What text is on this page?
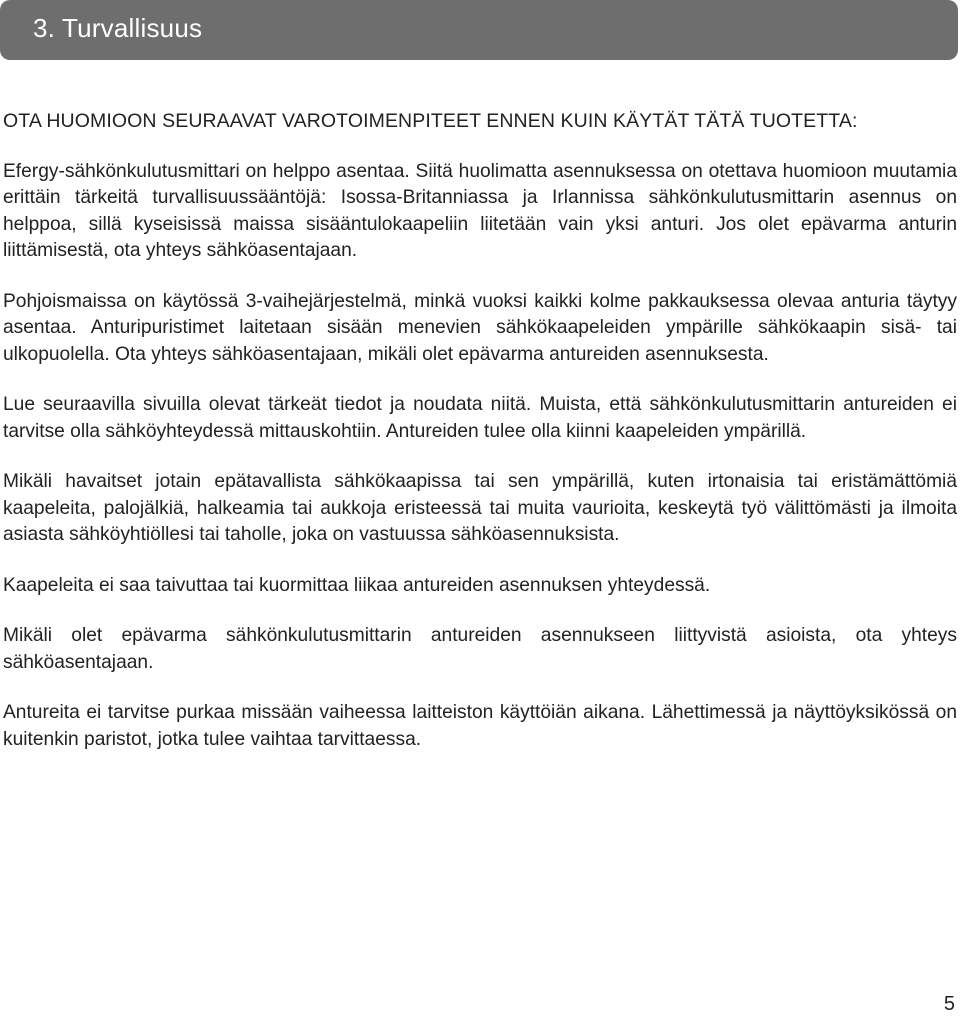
3. Turvallisuus
OTA HUOMIOON SEURAAVAT VAROTOIMENPITEET ENNEN KUIN KÄYTÄT TÄTÄ TUOTETTA:

Efergy-sähkönkulutusmittari on helppo asentaa. Siitä huolimatta asennuksessa on otettava huomioon muutamia erittäin tärkeitä turvallisuussääntöjä: Isossa-Britanniassa ja Irlannissa sähkönkulutusmittarin asennus on helppoa, sillä kyseisissä maissa sisääntulokaapeliin liitetään vain yksi anturi. Jos olet epävarma anturin liittämisestä, ota yhteys sähköasentajaan.

Pohjoismaissa on käytössä 3-vaihejärjestelmä, minkä vuoksi kaikki kolme pakkauksessa olevaa anturia täytyy asentaa. Anturipuristimet laitetaan sisään menevien sähkökaapeleiden ympärille sähkökaapin sisä- tai ulkopuolella. Ota yhteys sähköasentajaan, mikäli olet epävarma antureiden asennuksesta.

Lue seuraavilla sivuilla olevat tärkeät tiedot ja noudata niitä. Muista, että sähkönkulutusmittarin antureiden ei tarvitse olla sähköyhteydessä mittauskohtiin. Antureiden tulee olla kiinni kaapeleiden ympärillä.

Mikäli havaitset jotain epätavallista sähkökaapissa tai sen ympärillä, kuten irtonaisia tai eristämättömiä kaapeleita, palojälkiä, halkeamia tai aukkoja eristeessä tai muita vaurioita, keskeytä työ välittömästi ja ilmoita asiasta sähköyhtiöllesi tai taholle, joka on vastuussa sähköasennuksista.

Kaapeleita ei saa taivuttaa tai kuormittaa liikaa antureiden asennuksen yhteydessä.

Mikäli olet epävarma sähkönkulutusmittarin antureiden asennukseen liittyvistä asioista, ota yhteys sähköasentajaan.

Antureita ei tarvitse purkaa missään vaiheessa laitteiston käyttöiän aikana. Lähettimessä ja näyttöyksikössä on kuitenkin paristot, jotka tulee vaihtaa tarvittaessa.

5
